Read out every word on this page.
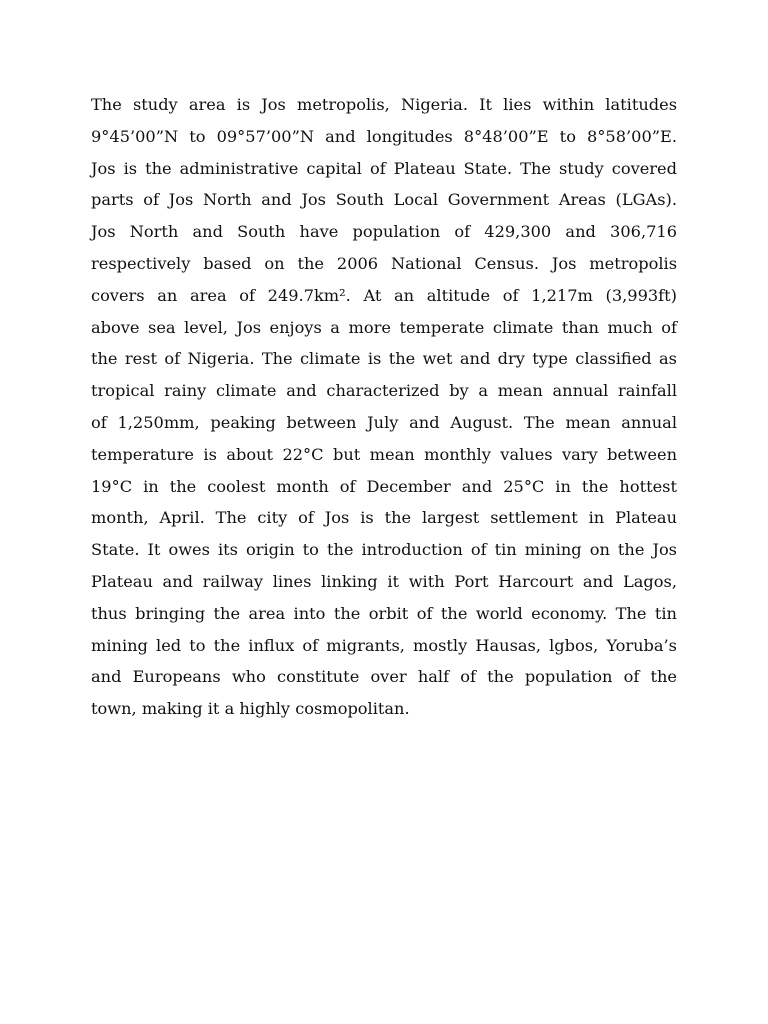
The study area is Jos metropolis, Nigeria. It lies within latitudes
9°45’00”N to 09°57’00”N and longitudes 8°48’00”E to 8°58’00”E.
Jos is the administrative capital of Plateau State. The study covered
parts of Jos North and Jos South Local Government Areas (LGAs).
Jos North and South have population of 429,300 and 306,716
respectively based on the 2006 National Census. Jos metropolis
covers an area of 249.7km². At an altitude of 1,217m (3,993ft)
above sea level, Jos enjoys a more temperate climate than much of
the rest of Nigeria. The climate is the wet and dry type classified as
tropical rainy climate and characterized by a mean annual rainfall
of 1,250mm, peaking between July and August. The mean annual
temperature is about 22°C but mean monthly values vary between
19°C in the coolest month of December and 25°C in the hottest
month, April. The city of Jos is the largest settlement in Plateau
State. It owes its origin to the introduction of tin mining on the Jos
Plateau and railway lines linking it with Port Harcourt and Lagos,
thus bringing the area into the orbit of the world economy. The tin
mining led to the influx of migrants, mostly Hausas, lgbos, Yoruba’s
and Europeans who constitute over half of the population of the
town, making it a highly cosmopolitan.
